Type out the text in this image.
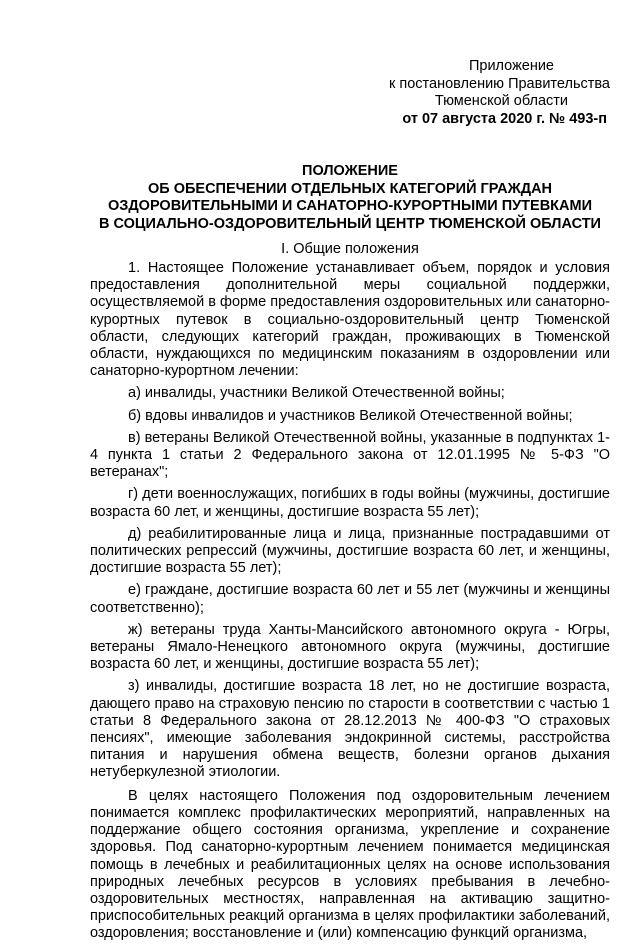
Приложение
к постановлению Правительства
Тюменской области
от 07 августа 2020 г. № 493-п
ПОЛОЖЕНИЕ
ОБ ОБЕСПЕЧЕНИИ ОТДЕЛЬНЫХ КАТЕГОРИЙ ГРАЖДАН
ОЗДОРОВИТЕЛЬНЫМИ И САНАТОРНО-КУРОРТНЫМИ ПУТЕВКАМИ
В СОЦИАЛЬНО-ОЗДОРОВИТЕЛЬНЫЙ ЦЕНТР ТЮМЕНСКОЙ ОБЛАСТИ
I. Общие положения

1. Настоящее Положение устанавливает объем, порядок и условия предоставления дополнительной меры социальной поддержки, осуществляемой в форме предоставления оздоровительных или санаторно-курортных путевок в социально-оздоровительный центр Тюменской области, следующих категорий граждан, проживающих в Тюменской области, нуждающихся по медицинским показаниям в оздоровлении или санаторно-курортном лечении:

а) инвалиды, участники Великой Отечественной войны;

б) вдовы инвалидов и участников Великой Отечественной войны;

в) ветераны Великой Отечественной войны, указанные в подпунктах 1-4 пункта 1 статьи 2 Федерального закона от 12.01.1995 № 5-ФЗ "О ветеранах";

г) дети военнослужащих, погибших в годы войны (мужчины, достигшие возраста 60 лет, и женщины, достигшие возраста 55 лет);

д) реабилитированные лица и лица, признанные пострадавшими от политических репрессий (мужчины, достигшие возраста 60 лет, и женщины, достигшие возраста 55 лет);

е) граждане, достигшие возраста 60 лет и 55 лет (мужчины и женщины соответственно);

ж) ветераны труда Ханты-Мансийского автономного округа - Югры, ветераны Ямало-Ненецкого автономного округа (мужчины, достигшие возраста 60 лет, и женщины, достигшие возраста 55 лет);

з) инвалиды, достигшие возраста 18 лет, но не достигшие возраста, дающего право на страховую пенсию по старости в соответствии с частью 1 статьи 8 Федерального закона от 28.12.2013 № 400-ФЗ "О страховых пенсиях", имеющие заболевания эндокринной системы, расстройства питания и нарушения обмена веществ, болезни органов дыхания нетуберкулезной этиологии.

В целях настоящего Положения под оздоровительным лечением понимается комплекс профилактических мероприятий, направленных на поддержание общего состояния организма, укрепление и сохранение здоровья. Под санаторно-курортным лечением понимается медицинская помощь в лечебных и реабилитационных целях на основе использования природных лечебных ресурсов в условиях пребывания в лечебно-оздоровительных местностях, направленная на активацию защитно-приспособительных реакций организма в целях профилактики заболеваний, оздоровления; восстановление и (или) компенсацию функций организма,
